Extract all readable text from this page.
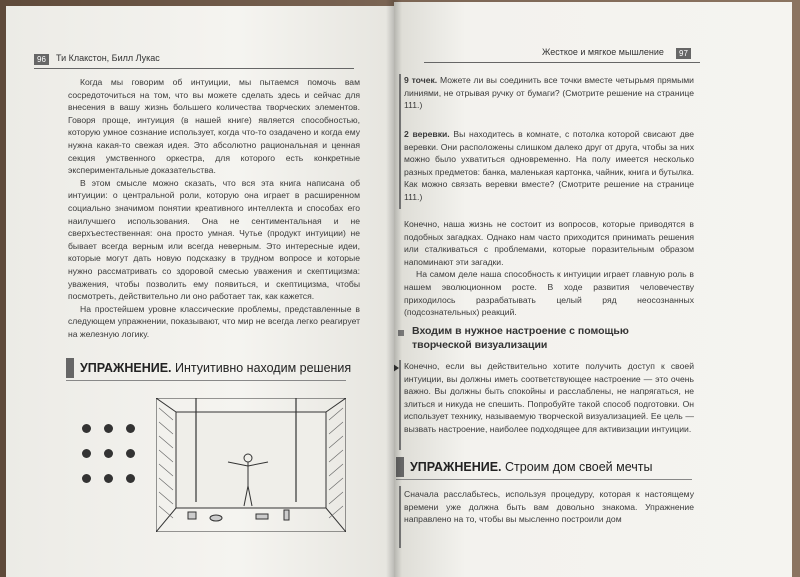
96	Ти Клакстон, Билл Лукас

Когда мы говорим об интуиции, мы пытаемся помочь вам сосредоточиться на том, что вы можете сделать здесь и сейчас для внесения в вашу жизнь большего количества творческих элементов. Говоря проще, интуиция (в нашей книге) является способностью, которую умное сознание использует, когда что-то озадачено и когда ему нужна какая-то свежая идея. Это абсолютно рациональная и ценная секция умственного оркестра, для которого есть конкретные экспериментальные доказательства.

В этом смысле можно сказать, что вся эта книга написана об интуиции: о центральной роли, которую она играет в расширенном социально значимом понятии креативного интеллекта и способах его наилучшего использования. Она не сентиментальная и не сверхъестественная: она просто умная. Чутье (продукт интуиции) не бывает всегда верным или всегда неверным. Это интересные идеи, которые могут дать новую подсказку в трудном вопросе и которые нужно рассматривать со здоровой смесью уважения и скептицизма: уважения, чтобы позволить ему появиться, и скептицизма, чтобы посмотреть, действительно ли оно работает так, как кажется.

На простейшем уровне классические проблемы, представленные в следующем упражнении, показывают, что мир не всегда легко реагирует на железную логику.

УПРАЖНЕНИЕ. Интуитивно находим решения
Жесткое и мягкое мышление	97

9 точек. Можете ли вы соединить все точки вместе четырьмя прямыми линиями, не отрывая ручку от бумаги? (Смотрите решение на странице 111.)

2 веревки. Вы находитесь в комнате, с потолка которой свисают две веревки. Они расположены слишком далеко друг от друга, чтобы за них можно было ухватиться одновременно. На полу имеется несколько разных предметов: банка, маленькая картонка, чайник, книга и бутылка. Как можно связать веревки вместе? (Смотрите решение на странице 111.)

Конечно, наша жизнь не состоит из вопросов, которые приводятся в подобных загадках. Однако нам часто приходится принимать решения или сталкиваться с проблемами, которые поразительным образом напоминают эти загадки.

На самом деле наша способность к интуиции играет главную роль в нашем эволюционном росте. В ходе развития человечеству приходилось разрабатывать целый ряд неосознанных (подсознательных) реакций.

Входим в нужное настроение с помощью творческой визуализации
Конечно, если вы действительно хотите получить доступ к своей интуиции, вы должны иметь соответствующее настроение — это очень важно. Вы должны быть спокойны и расслаблены, не напрягаться, не злиться и никуда не спешить. Попробуйте такой способ подготовки. Он использует технику, называемую творческой визуализацией. Ее цель — вызвать настроение, наиболее подходящее для активизации интуиции.
УПРАЖНЕНИЕ. Строим дом своей мечты
Сначала расслабьтесь, используя процедуру, которая к настоящему времени уже должна быть вам довольно знакома. Упражнение направлено на то, чтобы вы мысленно построили дом
